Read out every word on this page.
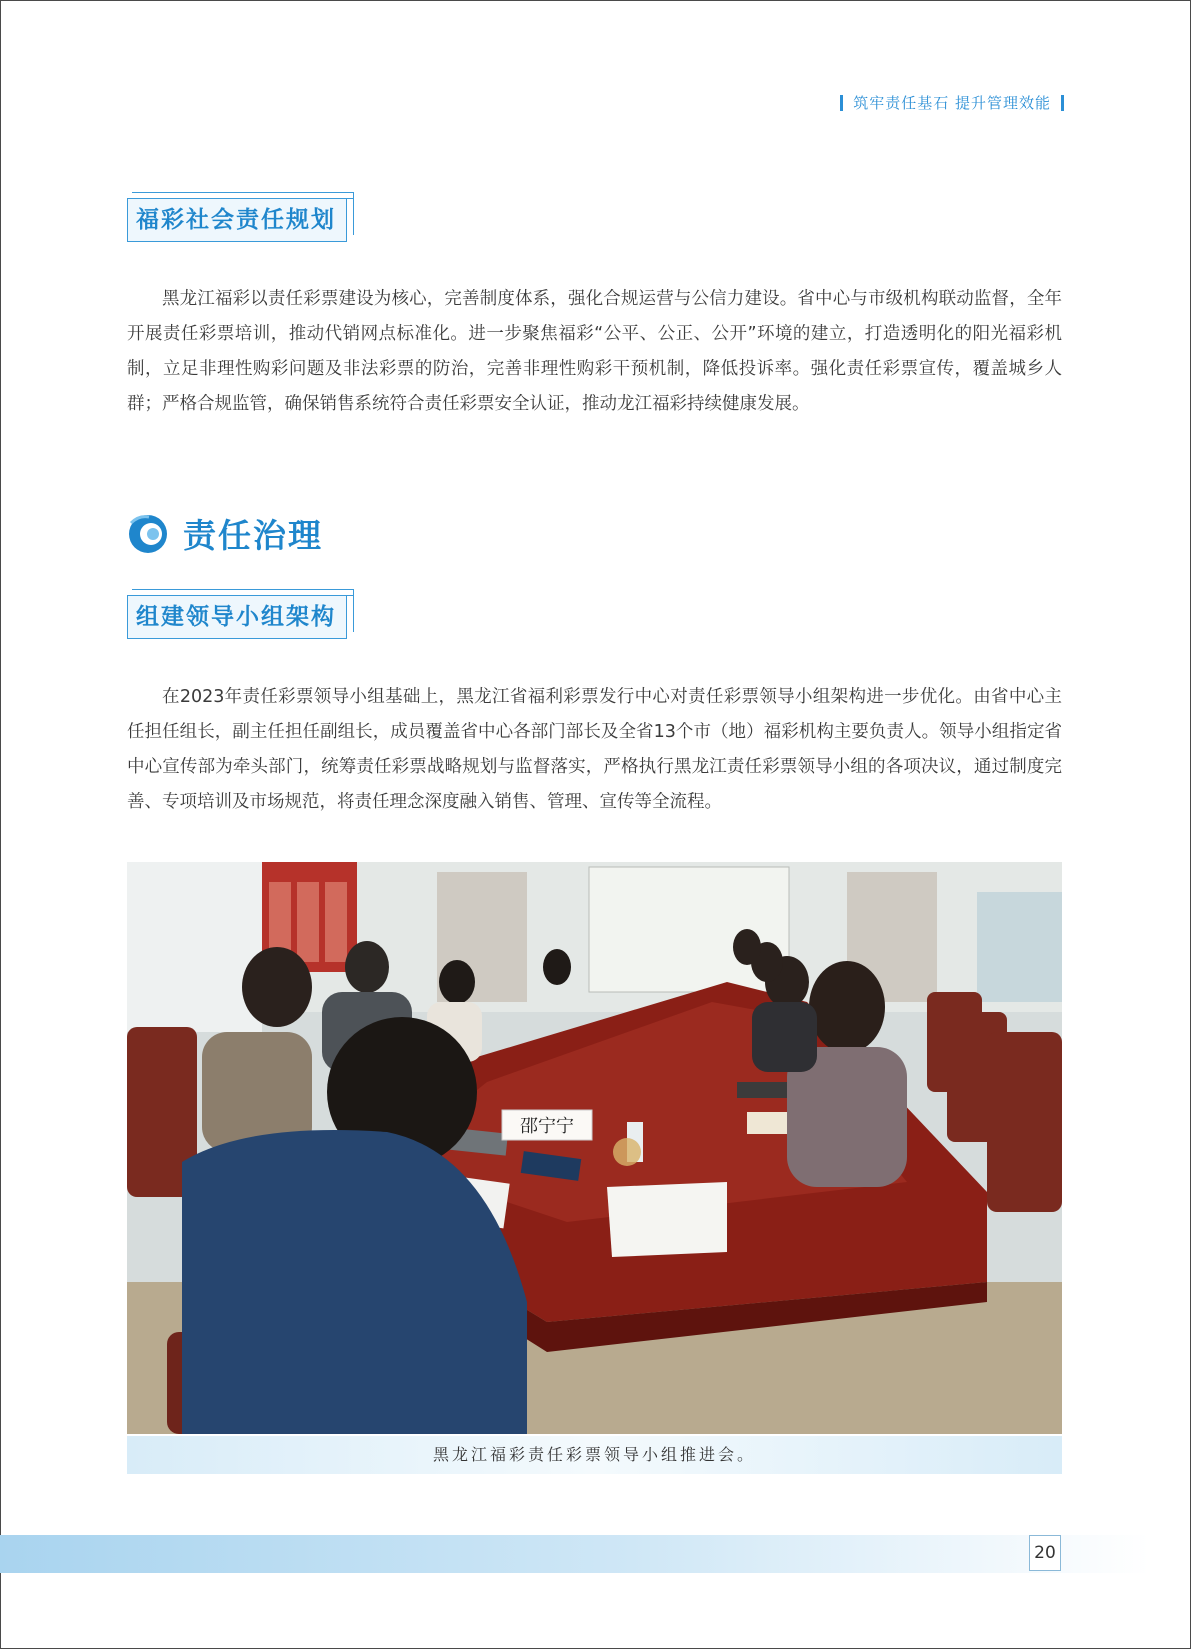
筑牢责任基石 提升管理效能
福彩社会责任规划

黑龙江福彩以责任彩票建设为核心，完善制度体系，强化合规运营与公信力建设。省中心与市级机构联动监督，全年开展责任彩票培训，推动代销网点标准化。进一步聚焦福彩“公平、公正、公开”环境的建立，打造透明化的阳光福彩机制，立足非理性购彩问题及非法彩票的防治，完善非理性购彩干预机制，降低投诉率。强化责任彩票宣传，覆盖城乡人群；严格合规监管，确保销售系统符合责任彩票安全认证，推动龙江福彩持续健康发展。

责任治理
组建领导小组架构

在2023年责任彩票领导小组基础上，黑龙江省福利彩票发行中心对责任彩票领导小组架构进一步优化。由省中心主任担任组长，副主任担任副组长，成员覆盖省中心各部门部长及全省13个市（地）福彩机构主要负责人。领导小组指定省中心宣传部为牵头部门，统筹责任彩票战略规划与监督落实，严格执行黑龙江责任彩票领导小组的各项决议，通过制度完善、专项培训及市场规范，将责任理念深度融入销售、管理、宣传等全流程。

邵宁宁
黑龙江福彩责任彩票领导小组推进会。
20
